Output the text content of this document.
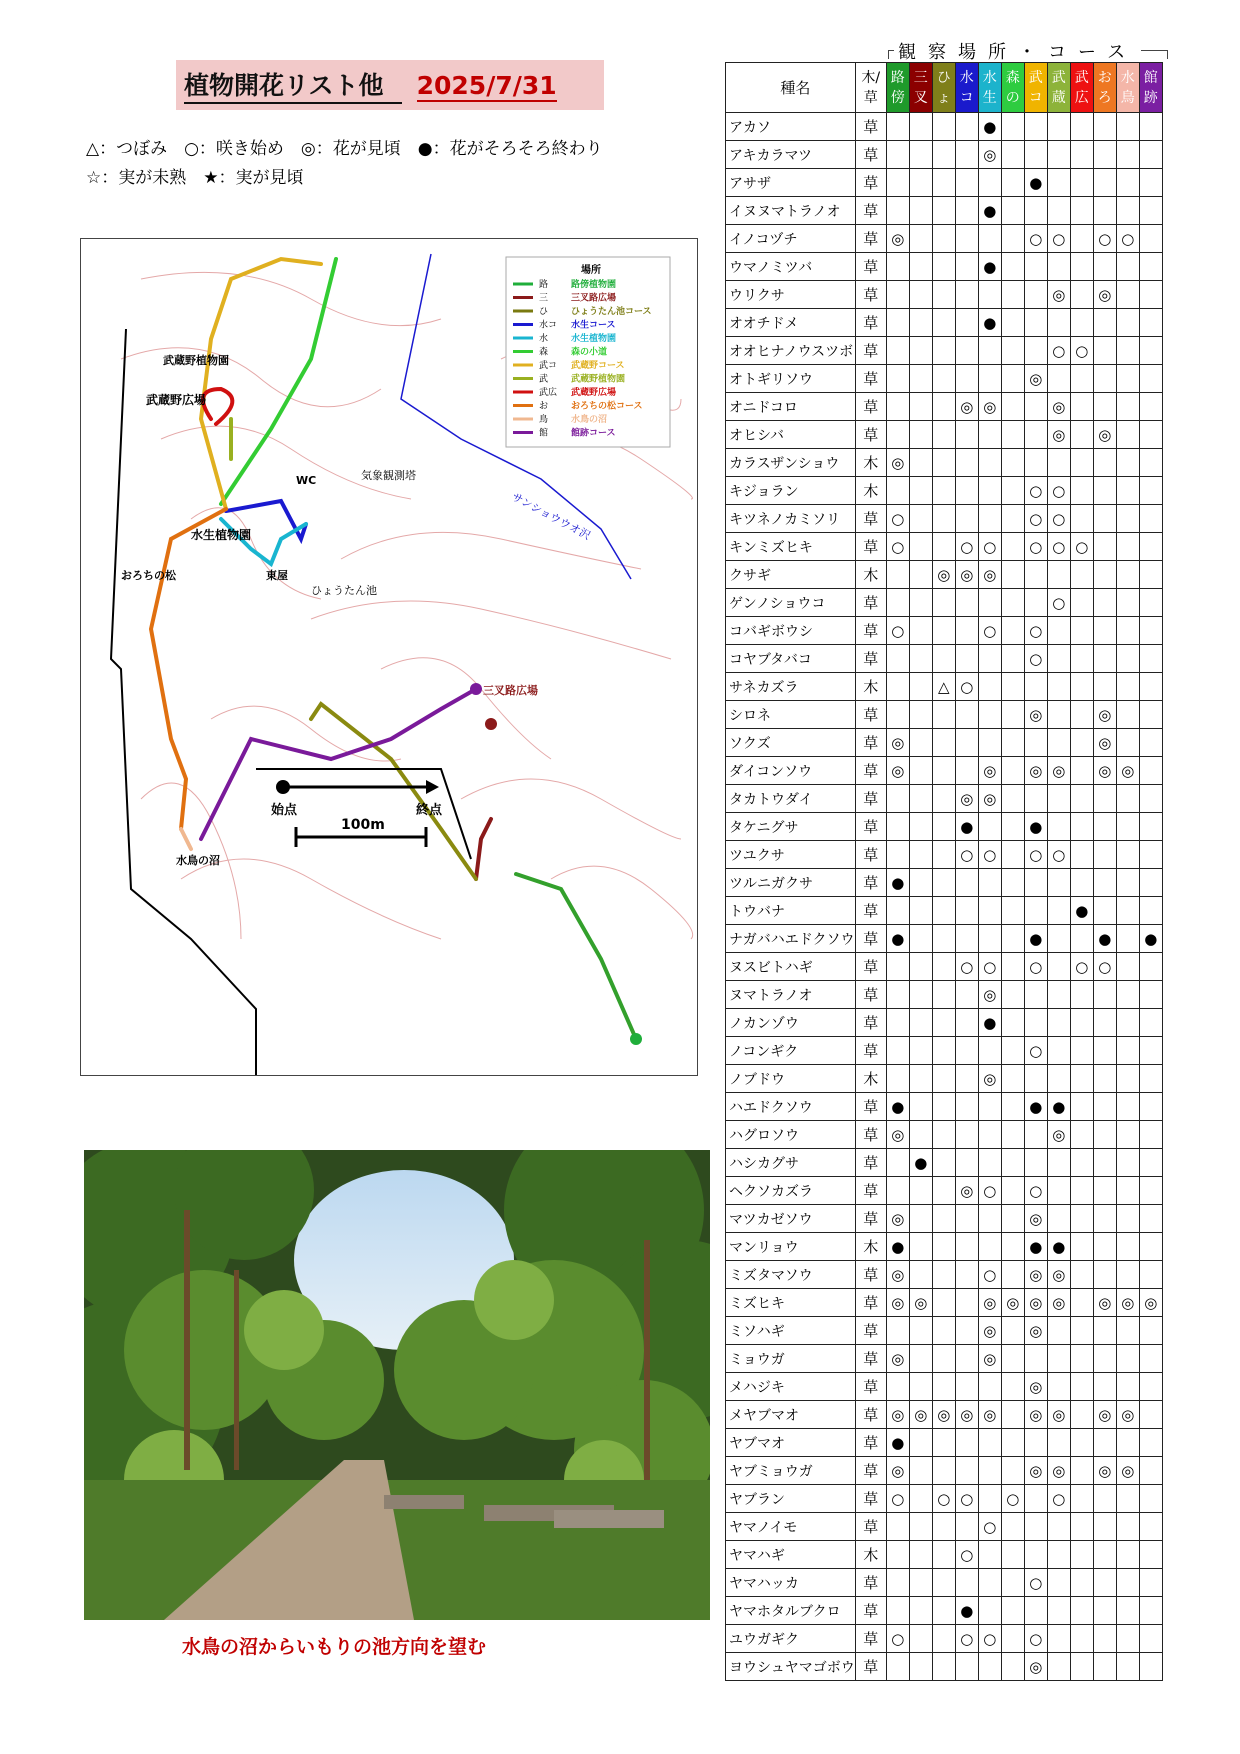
植物開花リスト他 2025/7/31
△：つぼみ　○：咲き始め　◎：花が見頃　●：花がそろそろ終わり
☆：実が未熟　★：実が見頃
場所
路	路傍植物園
三	三叉路広場
ひ	ひょうたん池コース
水コ 水生コース
水	水生植物園
森	森の小道
武コ 武蔵野コース
武	武蔵野植物園
武広 武蔵野広場
お	おろちの松コース
鳥	水鳥の沼
館	館跡コース
始点	終点
100m
水鳥の沼
三叉路広場
ひょうたん池
水生植物園
武蔵野広場
武蔵野植物園
気象観測塔
おろちの松	東屋
WC
サンショウウオ沢
水鳥の沼からいもりの池方向を望む
観察場所・コース
種名	木/草	路傍	三叉	ひょ	水コ	水生	森の	武コ	武蔵	武広	おろ	水鳥	館跡
アカソ	草					●							
アキカラマツ	草					◎							
アサザ	草							●					
イヌヌマトラノオ	草					●							
イノコヅチ	草	◎						○	○		○	○	
ウマノミツバ	草					●							
ウリクサ	草								◎		◎		
オオチドメ	草					●							
オオヒナノウスツボ	草								○	○			
オトギリソウ	草							◎					
オニドコロ	草				◎	◎			◎				
オヒシバ	草								◎		◎		
カラスザンショウ	木	◎											
キジョラン	木							○	○				
キツネノカミソリ	草	○						○	○				
キンミズヒキ	草	○			○	○		○	○	○			
クサギ	木			◎	◎	◎							
ゲンノショウコ	草								○				
コバギボウシ	草	○				○		○					
コヤブタバコ	草							○					
サネカズラ	木			△	○								
シロネ	草							◎			◎		
ソクズ	草	◎									◎		
ダイコンソウ	草	◎				◎		◎	◎		◎	◎	
タカトウダイ	草				◎	◎							
タケニグサ	草				●			●					
ツユクサ	草				○	○		○	○				
ツルニガクサ	草	●											
トウバナ	草									●			
ナガバハエドクソウ	草	●						●			●		●
ヌスビトハギ	草				○	○		○		○	○		
ヌマトラノオ	草					◎							
ノカンゾウ	草					●							
ノコンギク	草							○					
ノブドウ	木					◎							
ハエドクソウ	草	●						●	●				
ハグロソウ	草	◎							◎				
ハシカグサ	草		●										
ヘクソカズラ	草				◎	○		○					
マツカゼソウ	草	◎						◎					
マンリョウ	木	●						●	●				
ミズタマソウ	草	◎				○		◎	◎				
ミズヒキ	草	◎	◎			◎	◎	◎	◎		◎	◎	◎
ミソハギ	草					◎		◎					
ミョウガ	草	◎				◎							
メハジキ	草							◎					
メヤブマオ	草	◎	◎	◎	◎	◎		◎	◎		◎	◎	
ヤブマオ	草	●											
ヤブミョウガ	草	◎						◎	◎		◎	◎	
ヤブラン	草	○		○	○		○		○				
ヤマノイモ	草					○							
ヤマハギ	木				○								
ヤマハッカ	草							○					
ヤマホタルブクロ	草				●								
ユウガギク	草	○			○	○		○					
ヨウシュヤマゴボウ	草							◎					
